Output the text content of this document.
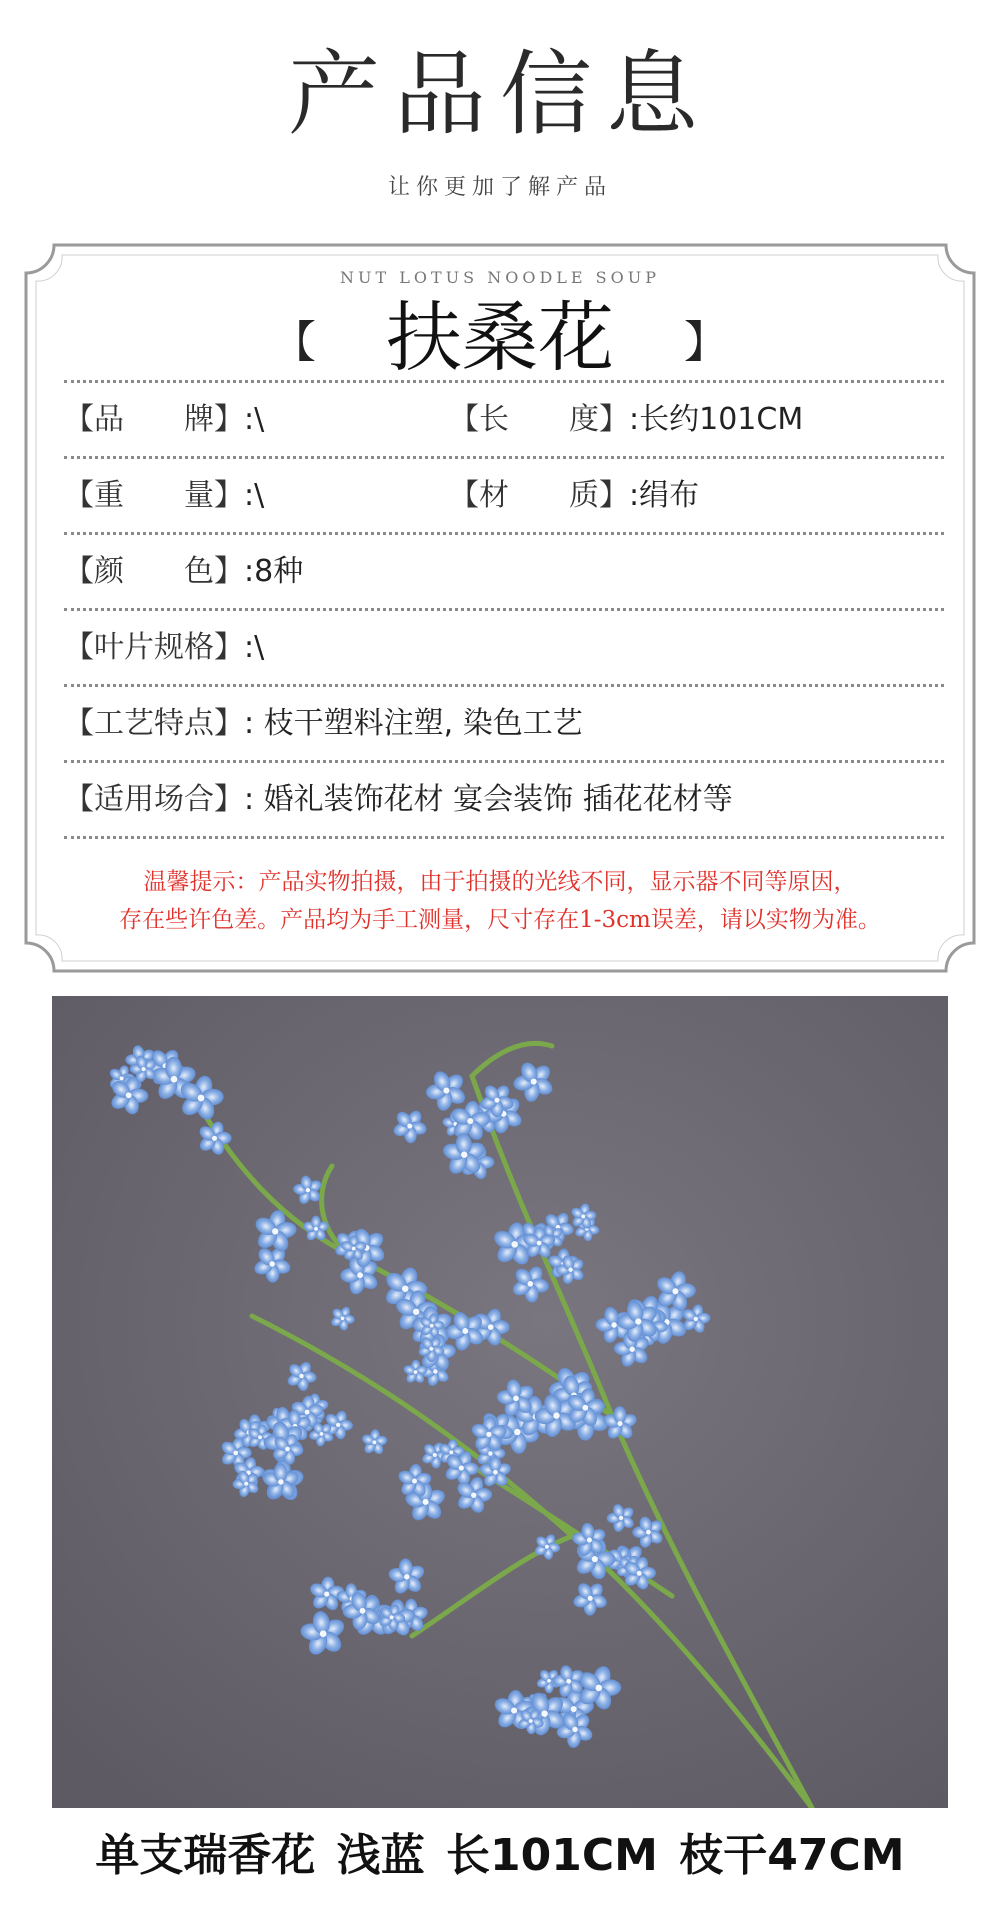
产品信息
让你更加了解产品
NUT LOTUS NOODLE SOUP
【 扶桑花 】
【品　　牌】 :\	【长　　度】 :长约101CM
【重　　量】 :\	【材　　质】 :绢布
【颜　　色】 :8种
【叶片规格】 :\
【工艺特点】 : 枝干塑料注塑, 染色工艺
【适用场合】 : 婚礼装饰花材 宴会装饰 插花花材等
温馨提示：产品实物拍摄，由于拍摄的光线不同，显示器不同等原因，
存在些许色差。产品均为手工测量，尺寸存在1-3cm误差，请以实物为准。
单支瑞香花 浅蓝 长101CM 枝干47CM
